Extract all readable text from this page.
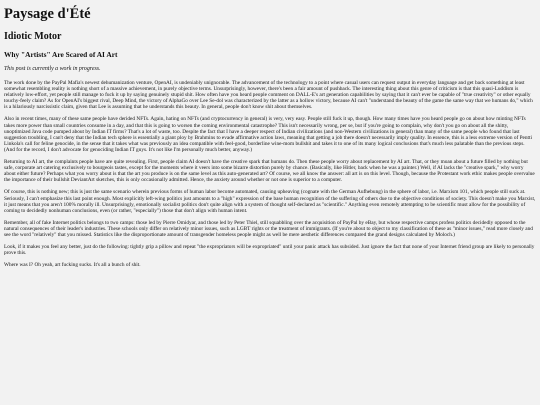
Paysage d'Été
Idiotic Motor
Why "Artists" Are Scared of AI Art

This post is currently a work in progress.

The work done by the PayPal Mafia's newest dehumanization venture, OpenAI, is undeniably unignorable. The advancement of the technology to a point where casual users can request output in everyday language and get back something at least somewhat resembling reality is nothing short of a massive achievement, in purely objective terms. Unsurprisingly, however, there's been a fair amount of pushback. The interesting thing about this genre of criticism is that this quasi-Luddism is relatively low-effort, yet people still manage to fuck it up by saying genuinely stupid shit. How often have you heard people comment on DALL-E's art generation capabilities by saying that it can't ever be capable of "true creativity" or other equally touchy-feely claim? As for OpenAI's biggest rival, Deep Mind, the victory of AlphaGo over Lee Se-dol was characterized by the latter as a hollow victory, because AI can't "understand the beauty of the game the same way that we humans do," which is a hilariously narcissistic claim, given that Lee is assuming that he understands this beauty. In general, people don't know shit about themselves.

Also in recent times, many of these same people have derided NFTs. Again, hating on NFTs (and cryptocurrency in general) is very, very easy. People still fuck it up, though. How many times have you heard people go on about how minting NFTs takes more power than small countries consume in a day, and that this is going to worsen the coming environmental catastrophe? This isn't necessarily wrong, per se, but if you're going to complain, why don't you go on about all the shitty, unoptimized Java code pumped about by Indian IT firms? That's a lot of waste, too. Despite the fact that I have a deeper respect of Indian civilizations (and non-Western civilizations in general) than many of the same people who found that last suggestion troubling, I can't deny that the Indian tech sphere is essentially a giant ploy by Brahmins to evade affirmative action laws, meaning that getting a job there doesn't necessarily imply quality. In essence, this is a less extreme version of Pentti Linkola's call for feline genocide, in the sense that it takes what was previously an idea compatible with feel-good, borderline wine-mom bullshit and takes it to one of its many logical conclusions that's much less palatable than the previous steps. (And for the record, I don't advocate for genociding Indian IT guys. It's not like I'm personally much better, anyway.)

Returning to AI art, the complaints people have are quite revealing. First, people claim AI doesn't have the creative spark that humans do. Then these people worry about replacement by AI art. That, or they moan about a future filled by nothing but safe, corporate art catering exclusively to bourgeois tastes, except for the moments where it veers into some bizarre distortion purely by chance. (Basically, like Hitler, back when he was a painter.) Well, if AI lacks the "creative spark," why worry about either future? Perhaps what you worry about is that the art you produce is on the same level as this auto-generated art? Of course, we all know the answer: all art is on this level. Though, because the Protestant work ethic makes people overvalue the importance of their bullshit DeviantArt sketches, this is only occasionally admitted. Hence, the anxiety around whether or not one is superior to a computer.

Of course, this is nothing new; this is just the same scenario wherein previous forms of human labor become automated, causing upheaving (cognate with the German Aufhebung) in the sphere of labor, i.e. Marxism 101, which people still suck at. Seriously, I can't emphasize this last point enough. Most explicitly left-wing politics just amounts to a "high" expression of the base human recognition of the suffering of others due to the objective conditions of society. This doesn't make you Marxist, it just means that you aren't 100% morally ill. Unsurprisingly, emotionally socialist politics don't quite align with a system of thought self-declared as "scientific." Anything even remotely attempting to be scientific must allow for the possibility of coming to decidedly nonhuman conclusions, even (or rather, "especially") those that don't align with human intent.

Remember, all of fake Internet politics belongs to two camps: those led by Pierre Omidyar, and those led by Peter Thiel, still squabbling over the acquisition of PayPal by eBay, but whose respective camps profess politics decidedly opposed to the natural consequences of their leader's industries. These schools only differ on relatively minor issues, such as LGBT rights or the treatment of immigrants. (If you're about to object to my classification of these as "minor issues," read more closely and see the word "relatively" that you missed. Statistics like the disproportionate amount of transgender homeless people might as well be mere aesthetic differences compared the grand designs calculated by Moloch.)

Look, if it makes you feel any better, just do the following: tightly grip a pillow and repeat "the expropriators will be expropriated" until your panic attack has subsided. Just ignore the fact that none of your Internet friend group are likely to personally prove this.

Where was I? Oh yeah, art fucking sucks. It's all a bunch of shit.
